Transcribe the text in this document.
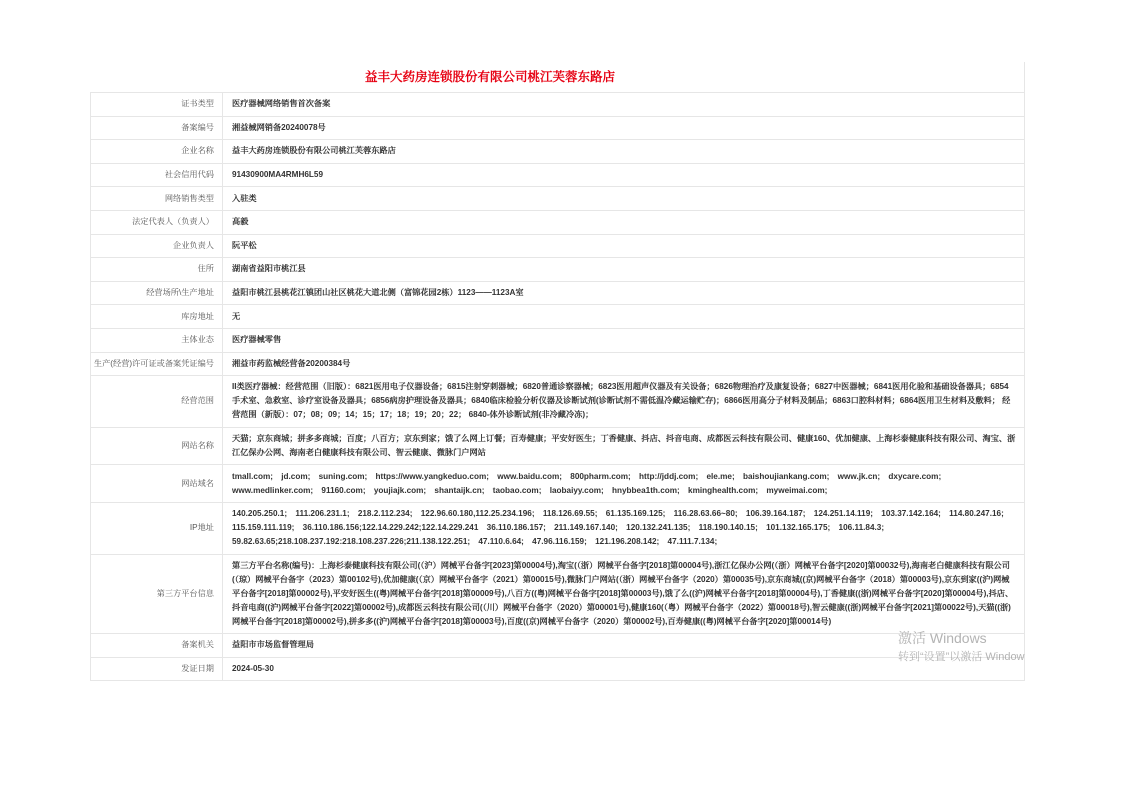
益丰大药房连锁股份有限公司桃江芙蓉东路店
证书类型	医疗器械网络销售首次备案
备案编号	湘益械网销备20240078号
企业名称	益丰大药房连锁股份有限公司桃江芙蓉东路店
社会信用代码	91430900MA4RMH6L59
网络销售类型	入驻类
法定代表人（负责人）	高毅
企业负责人	阮平松
住所	湖南省益阳市桃江县
经营场所\生产地址	益阳市桃江县桃花江镇团山社区桃花大道北侧（富锦花园2栋）1123——1123A室
库房地址	无
主体业态	医疗器械零售
生产(经营)许可证或备案凭证编号	湘益市药监械经营备20200384号
经营范围	II类医疗器械：经营范围（旧版）：6821医用电子仪器设备；6815注射穿刺器械；6820普通诊察器械；6823医用超声仪器及有关设备；6826物理治疗及康复设备；6827中医器械；6841医用化验和基础设备器具；6854手术室、急救室、诊疗室设备及器具；6856病房护理设备及器具；6840临床检验分析仪器及诊断试剂(诊断试剂不需低温冷藏运输贮存)；6866医用高分子材料及制品；6863口腔科材料；6864医用卫生材料及敷料； 经营范围（新版）：07；08；09；14；15；17；18；19；20；22； 6840-体外诊断试剂(非冷藏冷冻)；
网站名称	天猫；京东商城；拼多多商城；百度；八百方；京东到家；饿了么网上订餐；百寿健康；平安好医生；丁香健康、抖店、抖音电商、成都医云科技有限公司、健康160、优加健康、上海杉泰健康科技有限公司、淘宝、浙江亿保办公网、海南老白健康科技有限公司、智云健康、微脉门户网站
网站域名	tmall.com; jd.com; suning.com; https://www.yangkeduo.com; www.baidu.com; 800pharm.com; http://jddj.com; ele.me; baishoujiankang.com; www.jk.cn; dxycare.com; www.medlinker.com; 91160.com; youjiajk.com; shantaijk.cn; taobao.com; laobaiyy.com; hnybbea1th.com; kminghealth.com; myweimai.com;
IP地址	140.205.250.1; 111.206.231.1; 218.2.112.234; 122.96.60.180,112.25.234.196; 118.126.69.55; 61.135.169.125; 116.28.63.66~80; 106.39.164.187; 124.251.14.119; 103.37.142.164; 114.80.247.16; 115.159.111.119; 36.110.186.156;122.14.229.242;122.14.229.241 36.110.186.157; 211.149.167.140; 120.132.241.135; 118.190.140.15; 101.132.165.175; 106.11.84.3; 59.82.63.65;218.108.237.192:218.108.237.226;211.138.122.251; 47.110.6.64; 47.96.116.159; 121.196.208.142; 47.111.7.134;
第三方平台信息	第三方平台名称(编号)：上海杉泰健康科技有限公司(（沪）网械平台备字[2023]第00004号),淘宝(（浙）网械平台备字[2018]第00004号),浙江亿保办公网(（浙）网械平台备字[2020]第00032号),海南老白健康科技有限公司(（琼）网械平台备字（2023）第00102号),优加健康(（京）网械平台备字（2021）第00015号),微脉门户网站(（浙）网械平台备字（2020）第00035号),京东商城((京)网械平台备字（2018）第00003号),京东到家((沪)网械平台备字[2018]第00002号),平安好医生((粤)网械平台备字[2018]第00009号),八百方((粤)网械平台备字[2018]第00003号),饿了么((沪)网械平台备字[2018]第00004号),丁香健康((浙)网械平台备字[2020]第00004号),抖店、抖音电商((沪)网械平台备字[2022]第00002号),成都医云科技有限公司(（川）网械平台备字（2020）第00001号),健康160(（粤）网械平台备字（2022）第00018号),智云健康((浙)网械平台备字[2021]第00022号),天猫((浙)网械平台备字[2018]第00002号),拼多多((沪)网械平台备字[2018]第00003号),百度((京)网械平台备字（2020）第00002号),百寿健康((粤)网械平台备字[2020]第00014号)
备案机关	益阳市市场监督管理局
发证日期	2024-05-30
激活 Windows
转到“设置”以激活 Window
